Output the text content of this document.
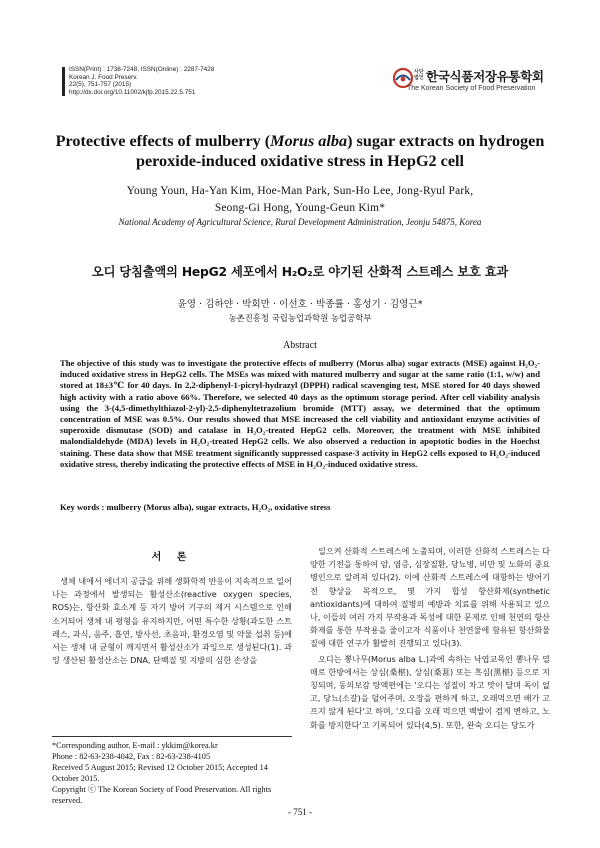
ISSN(Print) : 1738-7248, ISSN(Online) : 2287-7428
Korean J. Food Preserv.
22(5), 751-757 (2015)
http://dx.doi.org/10.11002/kjfp.2015.22.5.751
사단법인 한국식품저장유통학회
The Korean Society of Food Preservation
Protective effects of mulberry (Morus alba) sugar extracts on hydrogen peroxide-induced oxidative stress in HepG2 cell
Young Youn, Ha-Yan Kim, Hoe-Man Park, Sun-Ho Lee, Jong-Ryul Park,
Seong-Gi Hong, Young-Geun Kim*
National Academy of Agricultural Science, Rural Development Administration, Jeonju 54875, Korea
오디 당침출액의 HepG2 세포에서 H₂O₂로 야기된 산화적 스트레스 보호 효과
윤영 · 김하얀 · 박회만 · 이선호 · 박종률 · 홍성기 · 김영근*
농촌진흥청 국립농업과학원 농업공학부
Abstract
The objective of this study was to investigate the protective effects of mulberry (Morus alba) sugar extracts (MSE) against H₂O₂-induced oxidative stress in HepG2 cells. The MSEs was mixed with matured mulberry and sugar at the same ratio (1:1, w/w) and stored at 18±3℃ for 40 days. In 2,2-diphenyl-1-picryl-hydrazyl (DPPH) radical scavenging test, MSE stored for 40 days showed high activity with a ratio above 66%. Therefore, we selected 40 days as the optimum storage period. After cell viability analysis using the 3-(4,5-dimethylthiazol-2-yl)-2,5-diphenyltetrazolium bromide (MTT) assay, we determined that the optimum concentration of MSE was 0.5%. Our results showed that MSE increased the cell viability and antioxidant enzyme activities of superoxide dismutase (SOD) and catalase in H₂O₂-treated HepG2 cells. Moreover, the treatment with MSE inhibited malondialdehyde (MDA) levels in H₂O₂-treated HepG2 cells. We also observed a reduction in apoptotic bodies in the Hoechst staining. These data show that MSE treatment significantly suppressed caspase-3 activity in HepG2 cells exposed to H₂O₂-induced oxidative stress, thereby indicating the protective effects of MSE in H₂O₂-induced oxidative stress.
Key words : mulberry (Morus alba), sugar extracts, H₂O₂, oxidative stress
서 론

생체 내에서 에너지 공급을 위해 생화학적 반응이 지속적으로 일어나는 과정에서 발생되는 활성산소(reactive oxygen species, ROS)는, 항산화 효소계 등 자기 방어 기구의 제거 시스템으로 인해 소거되어 생체 내 평형을 유지하지만, 어떤 특수한 상황(과도한 스트레스, 과식, 음주, 흡연, 방사선, 초음파, 환경오염 및 약물 섭취 등)에서는 생체 내 균형이 깨지면서 활성산소가 과잉으로 생성된다(1). 과잉 생산된 활성산소는 DNA, 단백질 및 지방의 심한 손상을

일으켜 산화적 스트레스에 노출되며, 이러한 산화적 스트레스는 다양한 기전을 통하여 암, 염증, 심장질환, 당뇨병, 비만 및 노화의 중요 병인으로 알려져 있다(2). 이에 산화적 스트레스에 대항하는 방어기전 향상을 목적으로, 몇 가지 합성 항산화제(synthetic antioxidants)에 대하여 질병의 예방과 치료를 위해 사용되고 있으나, 이들의 여러 가지 부작용과 독성에 대한 문제로 인해 천연의 항산화제를 통한 부작용을 줄이고자 식품이나 천연물에 함유된 항산화물질에 대한 연구가 활발히 진행되고 있다(3).

오디는 뽕나무(Morus alba L.)과에 속하는 낙엽교목인 뽕나무 열매로 한방에서는 상심(桑椹), 상심(桑葚) 또는 흑심(黑椹) 등으로 지칭되며, 동의보감 탕액편에는 '오디는 성질이 차고 맛이 달며 독이 없고, 당뇨(소갈)을 덜어주며, 오장을 편하게 하고, 오래먹으면 배가 고프지 않게 된다'고 하며, '오디를 오래 먹으면 백발이 검게 변하고, 노화를 방지한다'고 기록되어 있다(4,5). 또한, 완숙 오디는 당도가

*Corresponding author. E-mail : ykkim@korea.kr
Phone : 82-63-238-4042, Fax : 82-63-238-4105
Received 5 August 2015; Revised 12 October 2015; Accepted 14 October 2015.
Copyright ⓒ The Korean Society of Food Preservation. All rights reserved.
- 751 -
